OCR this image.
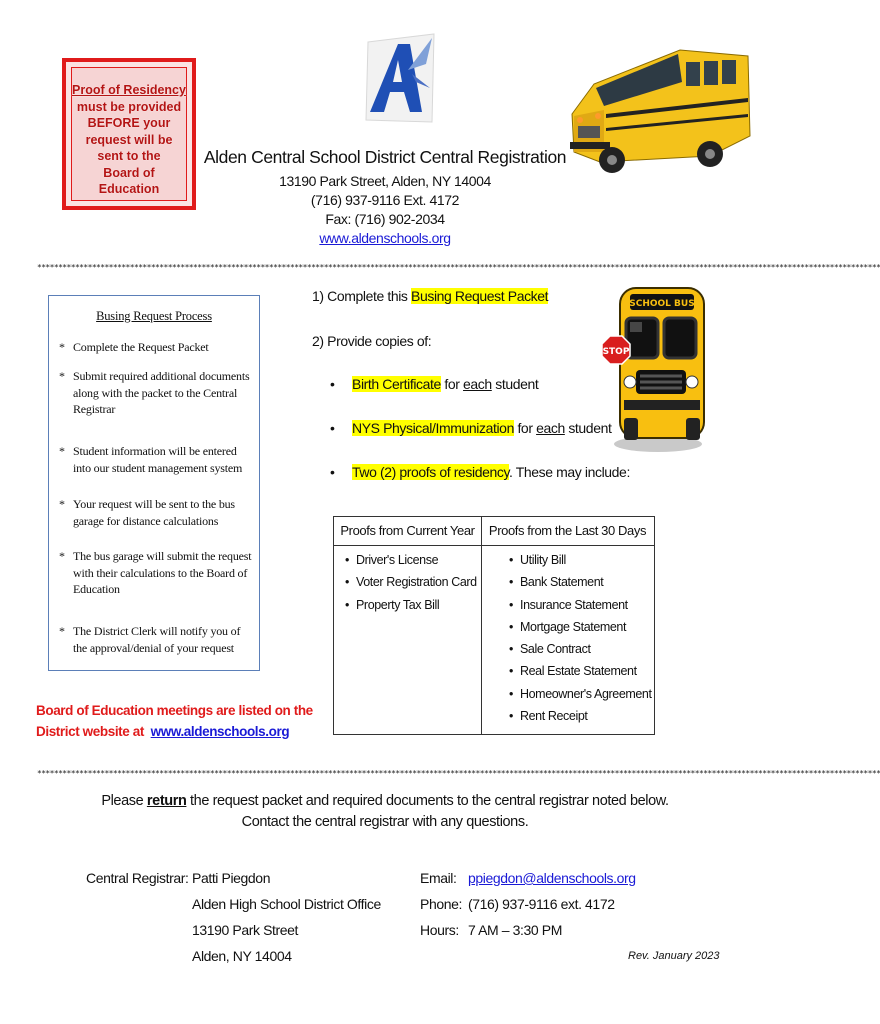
Proof of Residency
must be provided
BEFORE your
request will be
sent to the
Board of Education
Alden Central School District Central Registration
13190 Park Street, Alden, NY 14004
(716) 937-9116 Ext. 4172
Fax: (716) 902-2034
www.aldenschools.org
********************************************************************************************************************************************************************************************************
Busing Request Process
* Complete the Request Packet
* Submit required additional documents along with the packet to the Central Registrar
* Student information will be entered into our student management system
* Your request will be sent to the bus garage for distance calculations
* The bus garage will submit the request with their calculations to the Board of Education
* The District Clerk will notify you of the approval/denial of your request
Board of Education meetings are listed on the District website at www.aldenschools.org
1) Complete this Busing Request Packet
2) Provide copies of:
• Birth Certificate for each student
• NYS Physical/Immunization for each student
• Two (2) proofs of residency. These may include:
SCHOOL BUS
STOP
Proofs from Current Year	Proofs from the Last 30 Days
• Driver's License
• Voter Registration Card
• Property Tax Bill
• Utility Bill
• Bank Statement
• Insurance Statement
• Mortgage Statement
• Sale Contract
• Real Estate Statement
• Homeowner's Agreement
• Rent Receipt
********************************************************************************************************************************************************************************************************
Please return the request packet and required documents to the central registrar noted below.
Contact the central registrar with any questions.
Central Registrar: Patti Piegdon
Alden High School District Office
13190 Park Street
Alden, NY 14004
Email:
Phone:
Hours:
ppiegdon@aldenschools.org
(716) 937-9116 ext. 4172
7 AM – 3:30 PM
Rev. January 2023
